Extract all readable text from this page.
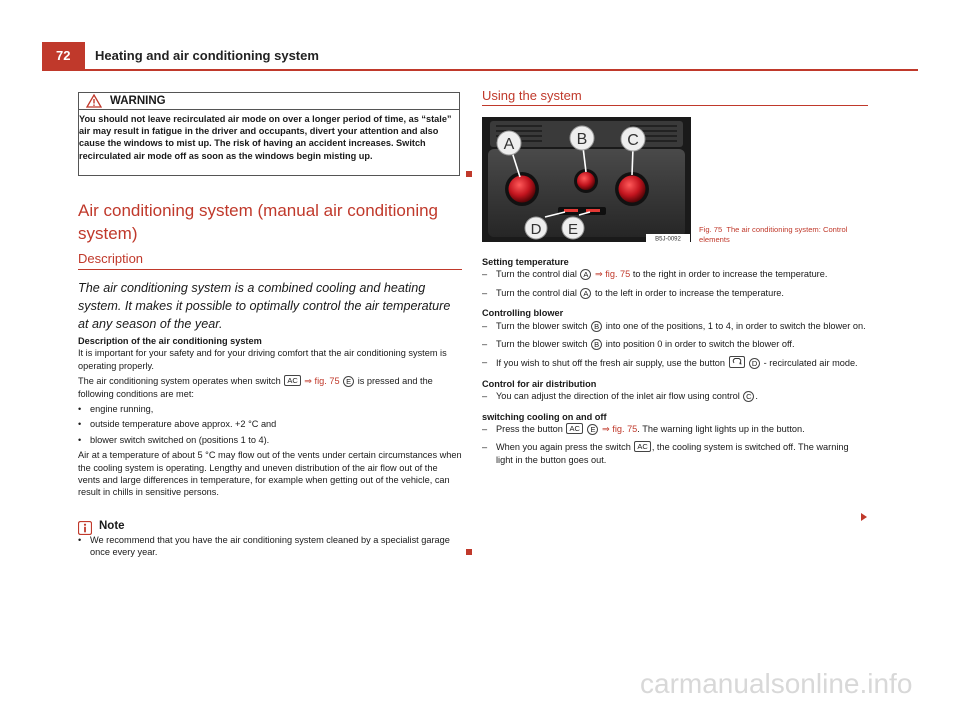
72	Heating and air conditioning system
WARNING
You should not leave recirculated air mode on over a longer period of time, as “stale” air may result in fatigue in the driver and occupants, divert your attention and also cause the windows to mist up. The risk of having an accident increases. Switch recirculated air mode off as soon as the windows begin misting up.
Air conditioning system (manual air conditioning system)
Description
The air conditioning system is a combined cooling and heating system. It makes it possible to optimally control the air temperature at any season of the year.
Description of the air conditioning system
It is important for your safety and for your driving comfort that the air conditioning system is operating properly.
The air conditioning system operates when switch AC ⇒ fig. 75 E is pressed and the following conditions are met:
• engine running,
• outside temperature above approx. +2 °C and
• blower switch switched on (positions 1 to 4).
Air at a temperature of about 5 °C may flow out of the vents under certain circumstances when the cooling system is operating. Lengthy and uneven distribution of the air flow out of the vents and large differences in temperature, for example when getting out of the vehicle, can result in chills in sensitive persons.
Note
• We recommend that you have the air conditioning system cleaned by a specialist garage once every year.
Using the system
A	B C
D E
B5J-0092
Fig. 75 The air conditioning system: Control elements
Setting temperature
– Turn the control dial A ⇒ fig. 75 to the right in order to increase the temperature.
– Turn the control dial A to the left in order to increase the temperature.
Controlling blower
– Turn the blower switch B into one of the positions, 1 to 4, in order to switch the blower on.
– Turn the blower switch B into position 0 in order to switch the blower off.
– If you wish to shut off the fresh air supply, use the button	D - recirculated air mode.
Control for air distribution
– You can adjust the direction of the inlet air flow using control C .
switching cooling on and off
– Press the button AC E ⇒ fig. 75. The warning light lights up in the button.
– When you again press the switch AC , the cooling system is switched off. The warning light in the button goes out.
carmanualsonline.info
